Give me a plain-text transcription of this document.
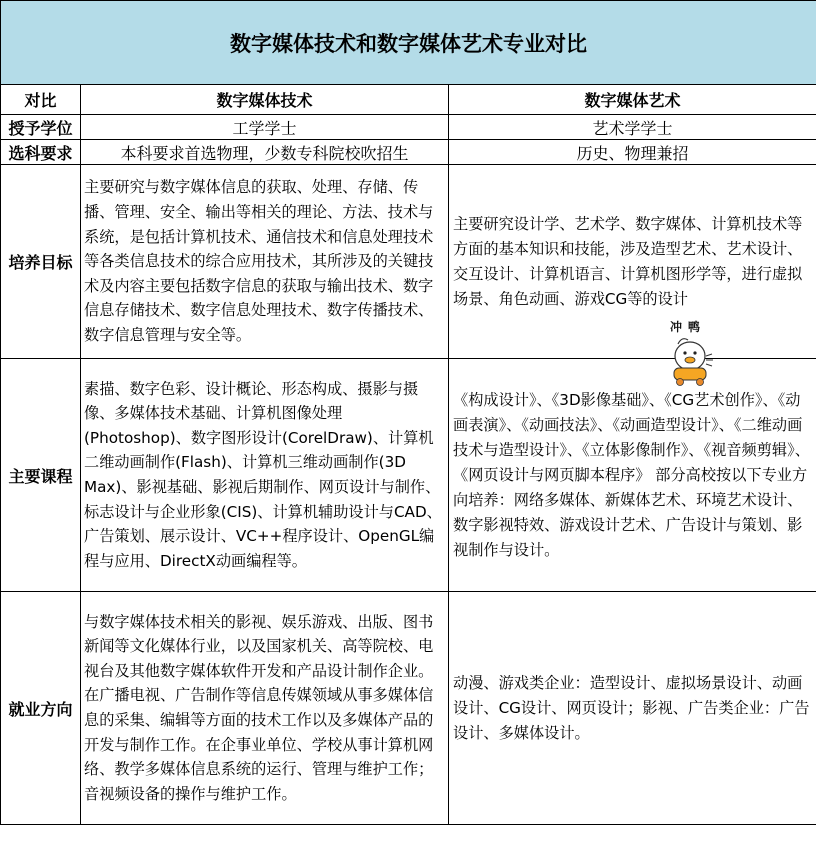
数字媒体技术和数字媒体艺术专业对比		
对比	数字媒体技术	数字媒体艺术
授予学位	工学学士	艺术学学士
选科要求	本科要求首选物理，少数专科院校吹招生	历史、物理兼招
培养目标	主要研究与数字媒体信息的获取、处理、存储、传播、管理、安全、输出等相关的理论、方法、技术与系统，是包括计算机技术、通信技术和信息处理技术等各类信息技术的综合应用技术，其所涉及的关键技术及内容主要包括数字信息的获取与输出技术、数字信息存储技术、数字信息处理技术、数字传播技术、数字信息管理与安全等。	主要研究设计学、艺术学、数字媒体、计算机技术等方面的基本知识和技能，涉及造型艺术、艺术设计、交互设计、计算机语言、计算机图形学等，进行虚拟场景、角色动画、游戏CG等的设计
主要课程	素描、数字色彩、设计概论、形态构成、摄影与摄像、多媒体技术基础、计算机图像处理(Photoshop)、数字图形设计(CorelDraw)、计算机二维动画制作(Flash)、计算机三维动画制作(3D Max)、影视基础、影视后期制作、网页设计与制作、标志设计与企业形象(CIS)、计算机辅助设计与CAD、广告策划、展示设计、VC++程序设计、OpenGL编程与应用、DirectX动画编程等。	《构成设计》、《3D影像基础》、《CG艺术创作》、《动画表演》、《动画技法》、《动画造型设计》、《二维动画技术与造型设计》、《立体影像制作》、《视音频剪辑》、《网页设计与网页脚本程序》 部分高校按以下专业方向培养：网络多媒体、新媒体艺术、环境艺术设计、数字影视特效、游戏设计艺术、广告设计与策划、影视制作与设计。
就业方向	与数字媒体技术相关的影视、娱乐游戏、出版、图书新闻等文化媒体行业，以及国家机关、高等院校、电视台及其他数字媒体软件开发和产品设计制作企业。在广播电视、广告制作等信息传媒领域从事多媒体信息的采集、编辑等方面的技术工作以及多媒体产品的开发与制作工作。在企事业单位、学校从事计算机网络、教学多媒体信息系统的运行、管理与维护工作；音视频设备的操作与维护工作。	动漫、游戏类企业：造型设计、虚拟场景设计、动画设计、CG设计、网页设计；影视、广告类企业：广告设计、多媒体设计。
冲鸭
